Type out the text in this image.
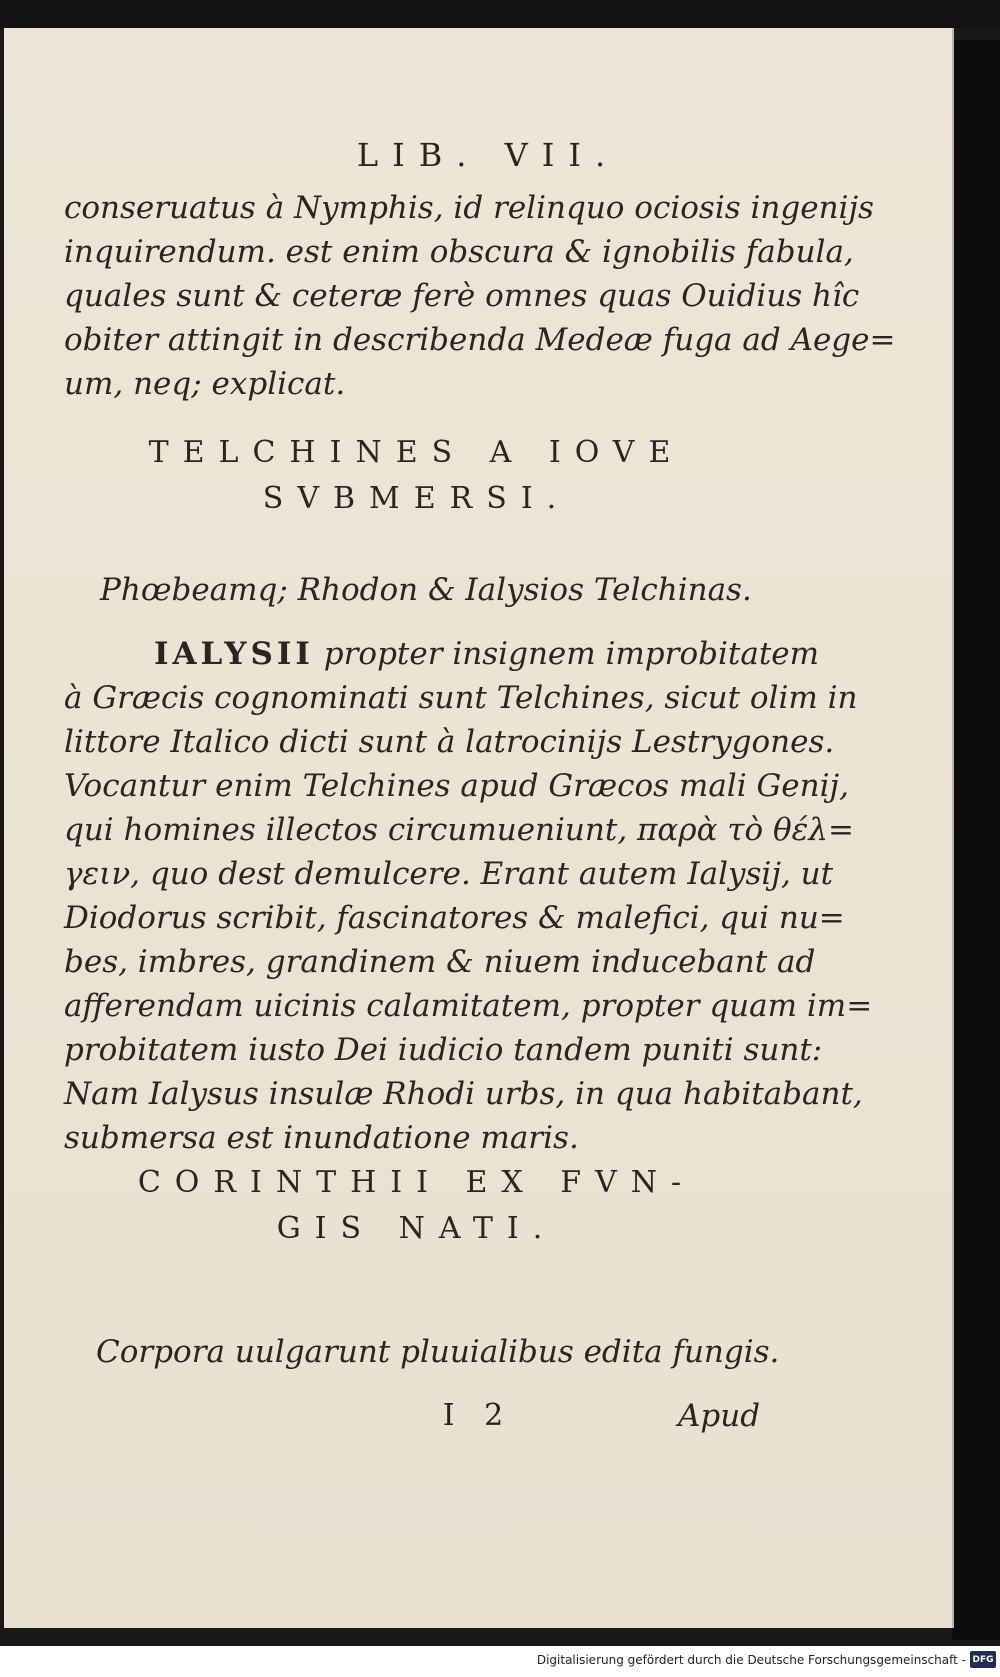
LIB. VII.
conseruatus à Nymphis, id relinquo ociosis ingenijs
inquirendum. est enim obscura & ignobilis fabula,
quales sunt & ceteræ ferè omnes quas Ouidius hîc
obiter attingit in describenda Medeæ fuga ad Aege=
um, neq; explicat.
TELCHINES A IOVE
SVBMERSI.
Phœbeamq; Rhodon & Ialysios Telchinas.
IALYSII propter insignem improbitatem
à Græcis cognominati sunt Telchines, sicut olim in
littore Italico dicti sunt à latrocinijs Lestrygones.
Vocantur enim Telchines apud Græcos mali Genij,
qui homines illectos circumueniunt, παρὰ τὸ θέλ=
γειν, quo dest demulcere. Erant autem Ialysij, ut
Diodorus scribit, fascinatores & malefici, qui nu=
bes, imbres, grandinem & niuem inducebant ad
afferendam uicinis calamitatem, propter quam im=
probitatem iusto Dei iudicio tandem puniti sunt:
Nam Ialysus insulæ Rhodi urbs, in qua habitabant,
submersa est inundatione maris.
CORINTHII EX FVN-
GIS NATI.
Corpora uulgarunt pluuialibus edita fungis.
I 2	Apud
Digitalisierung gefördert durch die Deutsche Forschungsgemeinschaft - DFG
